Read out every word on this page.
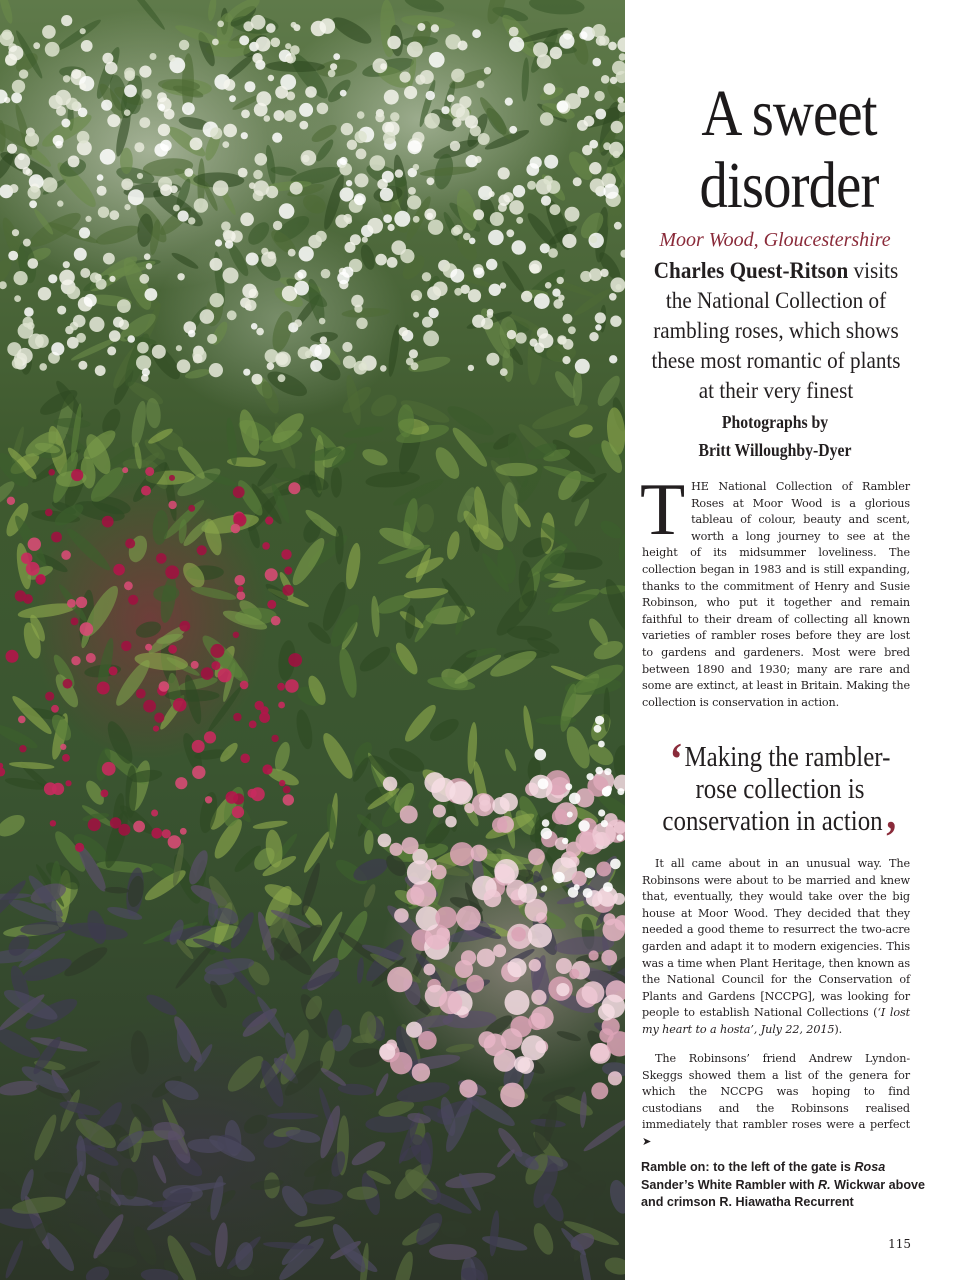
A sweet
disorder
Moor Wood, Gloucestershire
Charles Quest-Ritson visits the National Collection of rambling roses, which shows these most romantic of plants at their very finest
Photographs by
Britt Willoughby-Dyer
THE National Collection of Rambler Roses at Moor Wood is a glorious tableau of colour, beauty and scent, worth a long journey to see at the height of its midsummer loveliness. The collection began in 1983 and is still expanding, thanks to the commitment of Henry and Susie Robinson, who put it together and remain faithful to their dream of collecting all known varieties of rambler roses before they are lost to gardens and gardeners. Most were bred between 1890 and 1930; many are rare and some are extinct, at least in Britain. Making the collection is conservation in action.
‘Making the rambler-rose collection is conservation in action’
It all came about in an unusual way. The Robinsons were about to be married and knew that, eventually, they would take over the big house at Moor Wood. They decided that they needed a good theme to resurrect the two-acre garden and adapt it to modern exigencies. This was a time when Plant Heritage, then known as the National Council for the Conservation of Plants and Gardens [NCCPG], was looking for people to establish National Collections (‘I lost my heart to a hosta’, July 22, 2015).
The Robinsons’ friend Andrew Lyndon-Skeggs showed them a list of the genera for which the NCCPG was hoping to find custodians and the Robinsons realised immediately that rambler roses were a perfect ➤
Ramble on: to the left of the gate is Rosa Sander’s White Rambler with R. Wickwar above and crimson R. Hiawatha Recurrent
115
